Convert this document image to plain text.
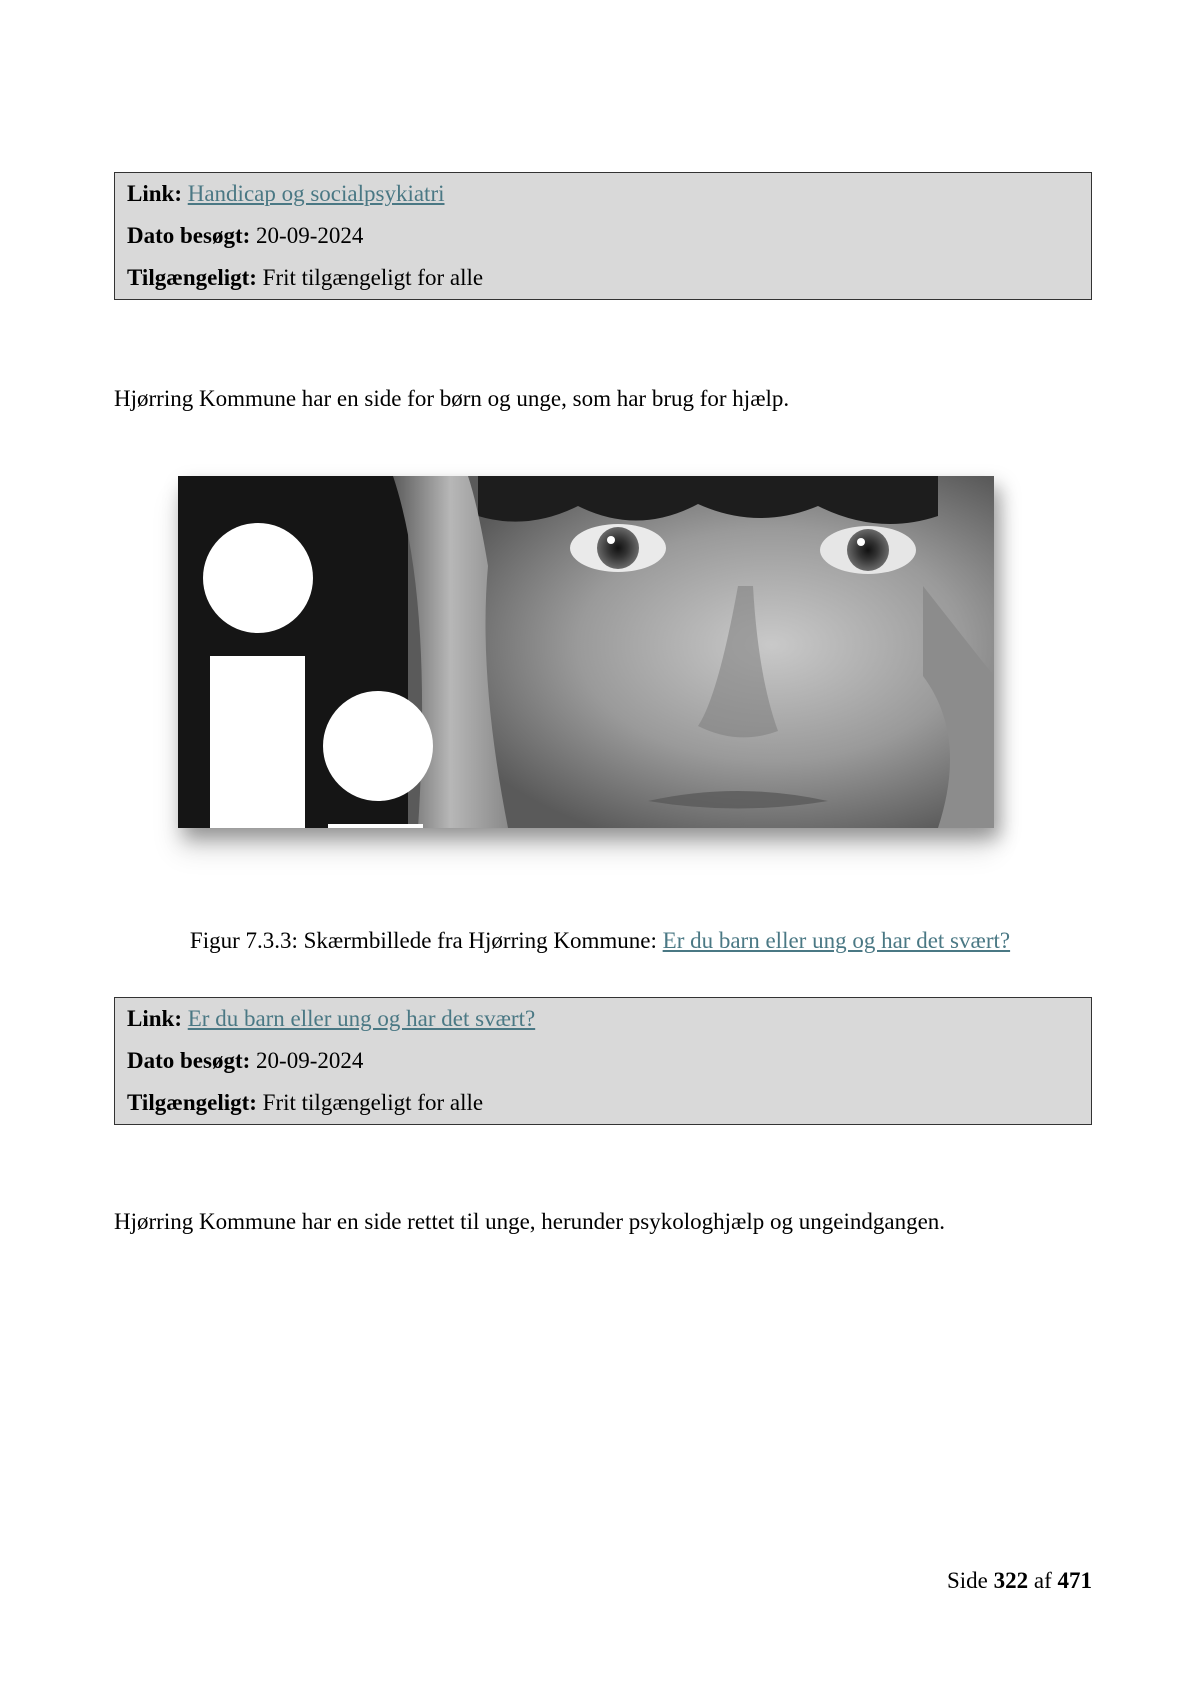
Link: Handicap og socialpsykiatri

Dato besøgt: 20-09-2024

Tilgængeligt: Frit tilgængeligt for alle

Hjørring Kommune har en side for børn og unge, som har brug for hjælp.

Figur 7.3.3: Skærmbillede fra Hjørring Kommune: Er du barn eller ung og har det svært?

Link: Er du barn eller ung og har det svært?

Dato besøgt: 20-09-2024

Tilgængeligt: Frit tilgængeligt for alle

Hjørring Kommune har en side rettet til unge, herunder psykologhjælp og ungeindgangen.

Side 322 af 471
